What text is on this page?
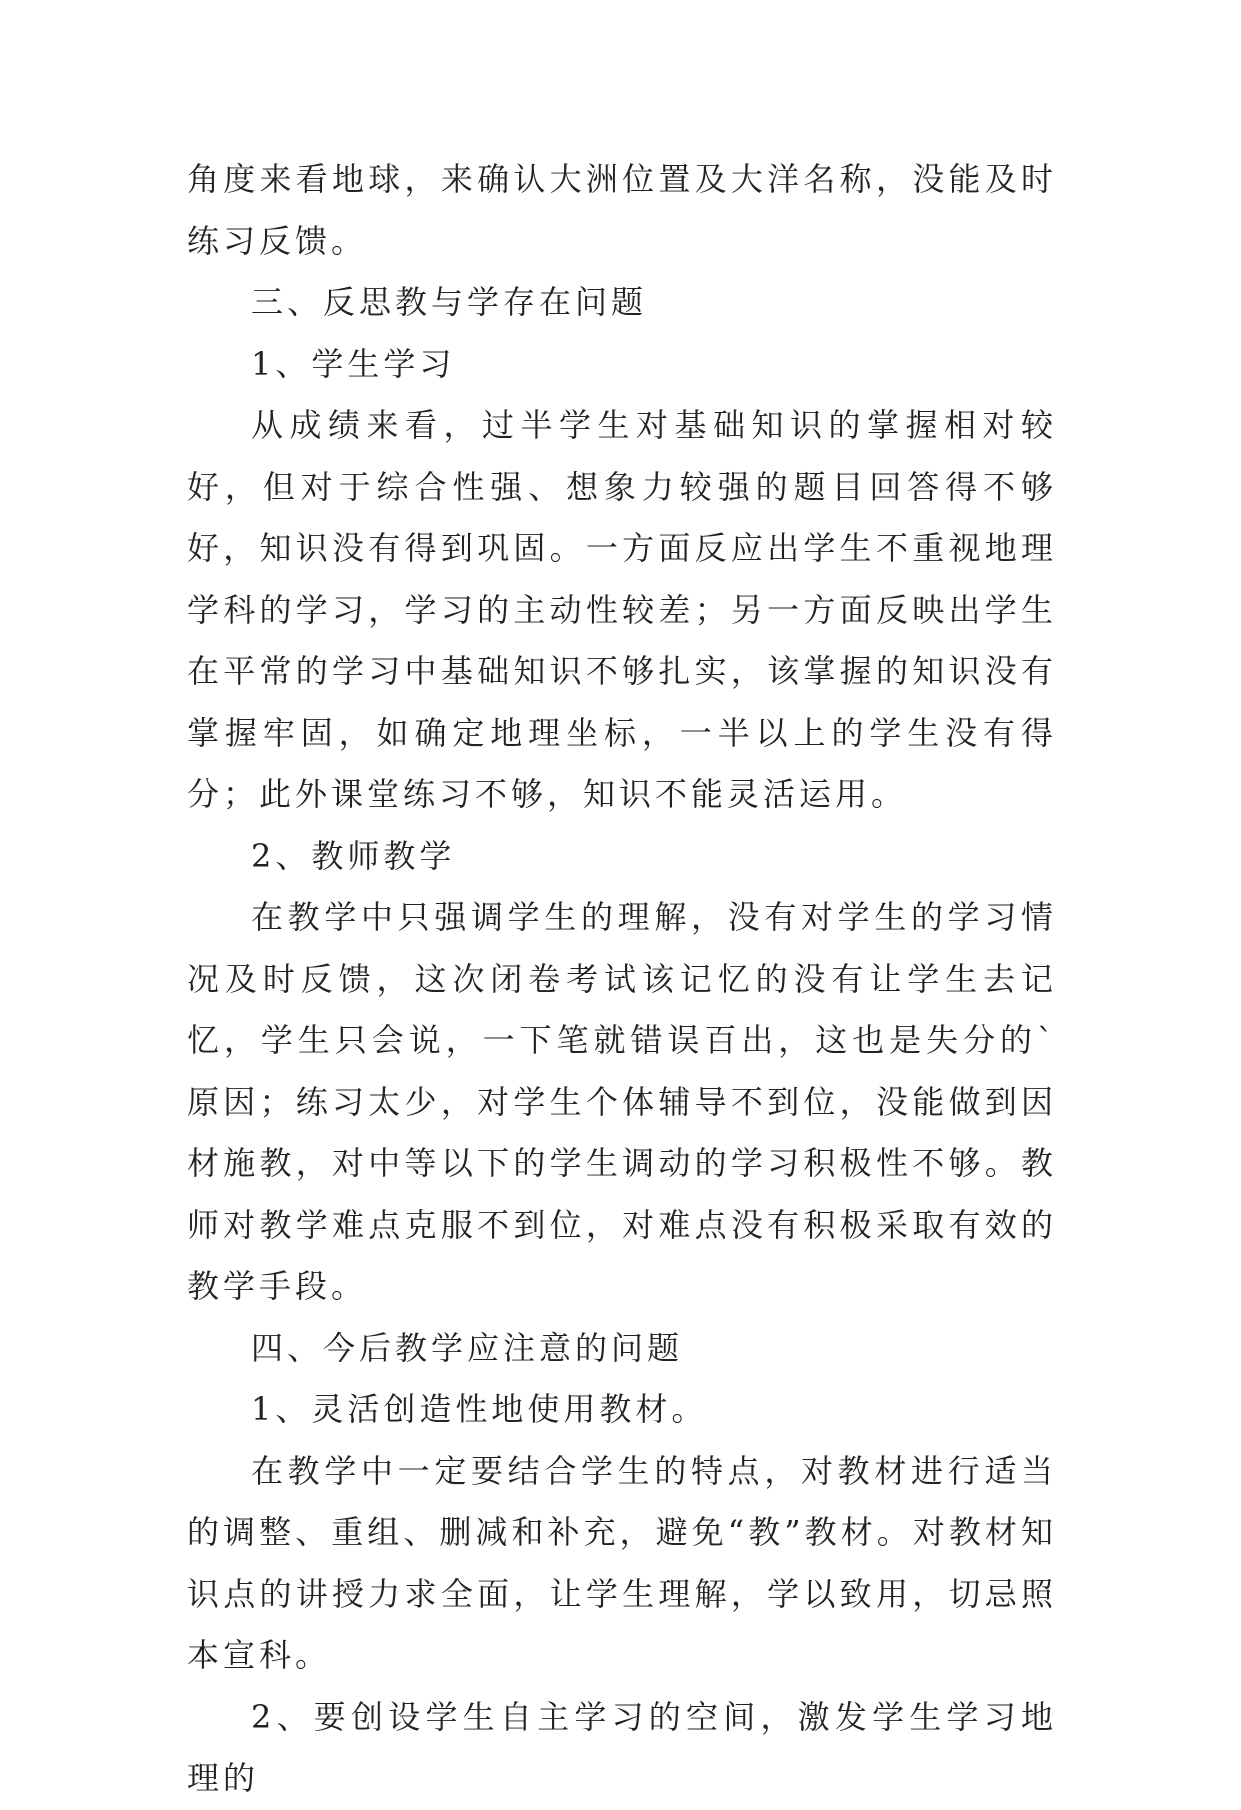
角度来看地球，来确认大洲位置及大洋名称，没能及时练习反馈。

三、反思教与学存在问题

1、学生学习

从成绩来看，过半学生对基础知识的掌握相对较好，但对于综合性强、想象力较强的题目回答得不够好，知识没有得到巩固。一方面反应出学生不重视地理学科的学习，学习的主动性较差；另一方面反映出学生在平常的学习中基础知识不够扎实，该掌握的知识没有掌握牢固，如确定地理坐标，一半以上的学生没有得分；此外课堂练习不够，知识不能灵活运用。

2、教师教学

在教学中只强调学生的理解，没有对学生的学习情况及时反馈，这次闭卷考试该记忆的没有让学生去记忆，学生只会说，一下笔就错误百出，这也是失分的`原因；练习太少，对学生个体辅导不到位，没能做到因材施教，对中等以下的学生调动的学习积极性不够。教师对教学难点克服不到位，对难点没有积极采取有效的教学手段。

四、今后教学应注意的问题

1、灵活创造性地使用教材。

在教学中一定要结合学生的特点，对教材进行适当的调整、重组、删减和补充，避免“教”教材。对教材知识点的讲授力求全面，让学生理解，学以致用，切忌照本宣科。

2、要创设学生自主学习的空间，激发学生学习地理的
